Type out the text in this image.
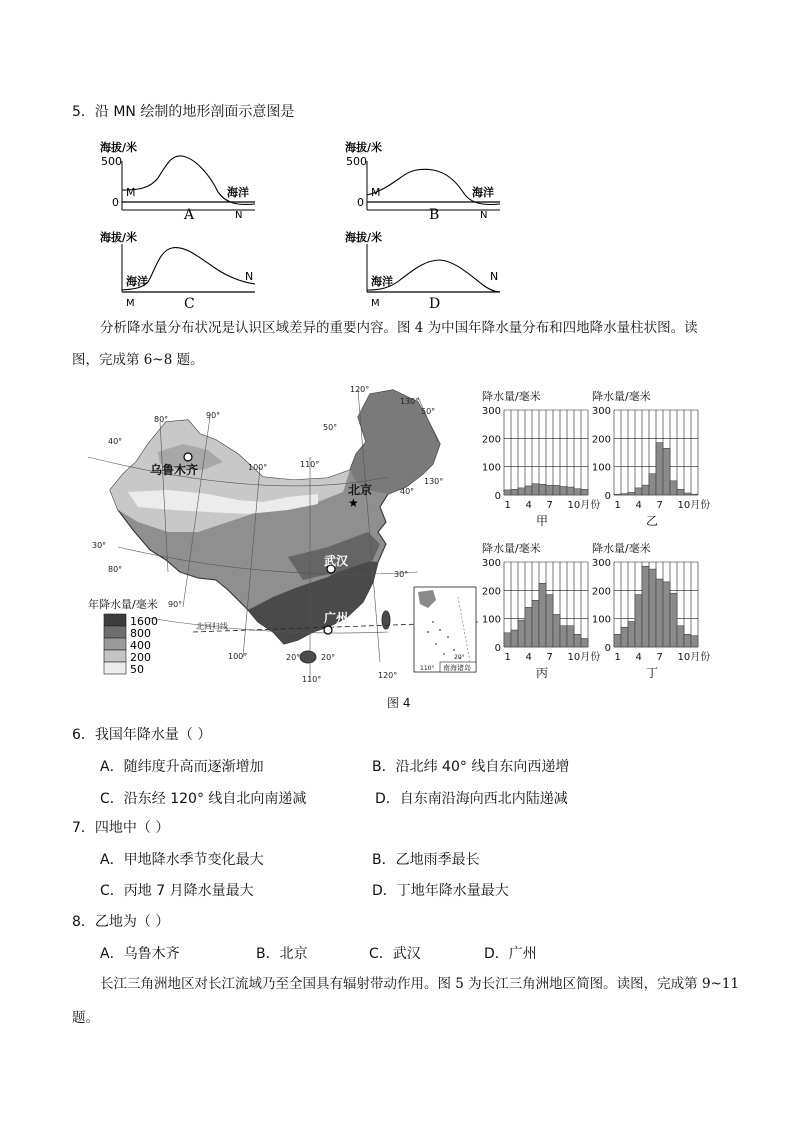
5．沿 MN 绘制的地形剖面示意图是
海拔/米
500
0
M	海洋
N
A
海拔/米
500
0
M	海洋
N
B
海拔/米
海洋	N
M	C
海拔/米
海洋	N
M	D
分析降水量分布状况是认识区域差异的重要内容。图 4 为中国年降水量分布和四地降水量柱状图。读
图，完成第 6~8 题。
80°	90°
100°	110°
120°
130°
100°
110°	120°
90°
80°
40°
50°
40°
30°
30°
20°	20°
50°
130°
乌鲁木齐
北京
★
武汉
广州
北回归线
南海诸岛
20°
110°
年降水量/毫米
1600
800
400
200
50
降水量/毫米
0
100
200
300
1 4 7 10月份
甲
降水量/毫米
0
100
200
300
1 4 7 10月份
乙
降水量/毫米
0
100
200
300
1 4 7 10月份
丙
降水量/毫米
0
100
200
300
1 4 7 10月份
丁
图 4
6．我国年降水量（ ）
A．随纬度升高而逐渐增加	B．沿北纬 40° 线自东向西递增
C．沿东经 120° 线自北向南递减	D．自东南沿海向西北内陆递减
7．四地中（ ）
A．甲地降水季节变化最大	B．乙地雨季最长
C．丙地 7 月降水量最大	D．丁地年降水量最大
8．乙地为（ ）
A．乌鲁木齐	B．北京	C．武汉	D．广州
长江三角洲地区对长江流域乃至全国具有辐射带动作用。图 5 为长江三角洲地区简图。读图，完成第 9~11
题。
